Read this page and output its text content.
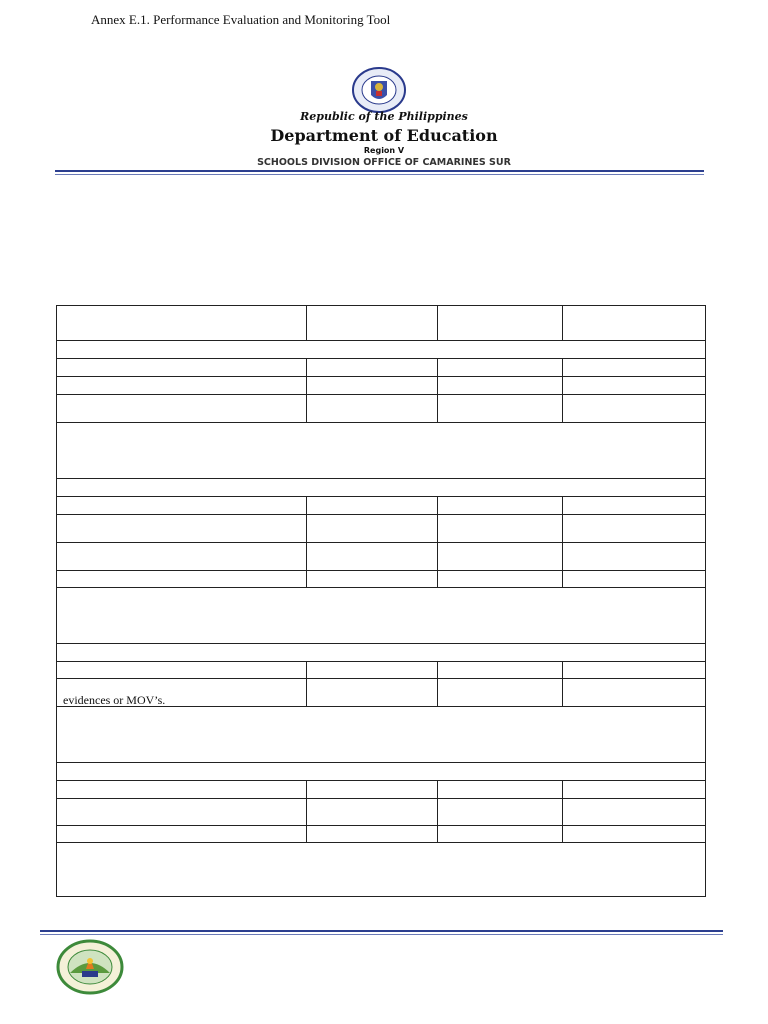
Annex E.1. Performance Evaluation and Monitoring Tool
Republic of the Philippines
Department of Education
Region V
SCHOOLS DIVISION OFFICE OF CAMARINES SUR
evidences or MOV’s.
